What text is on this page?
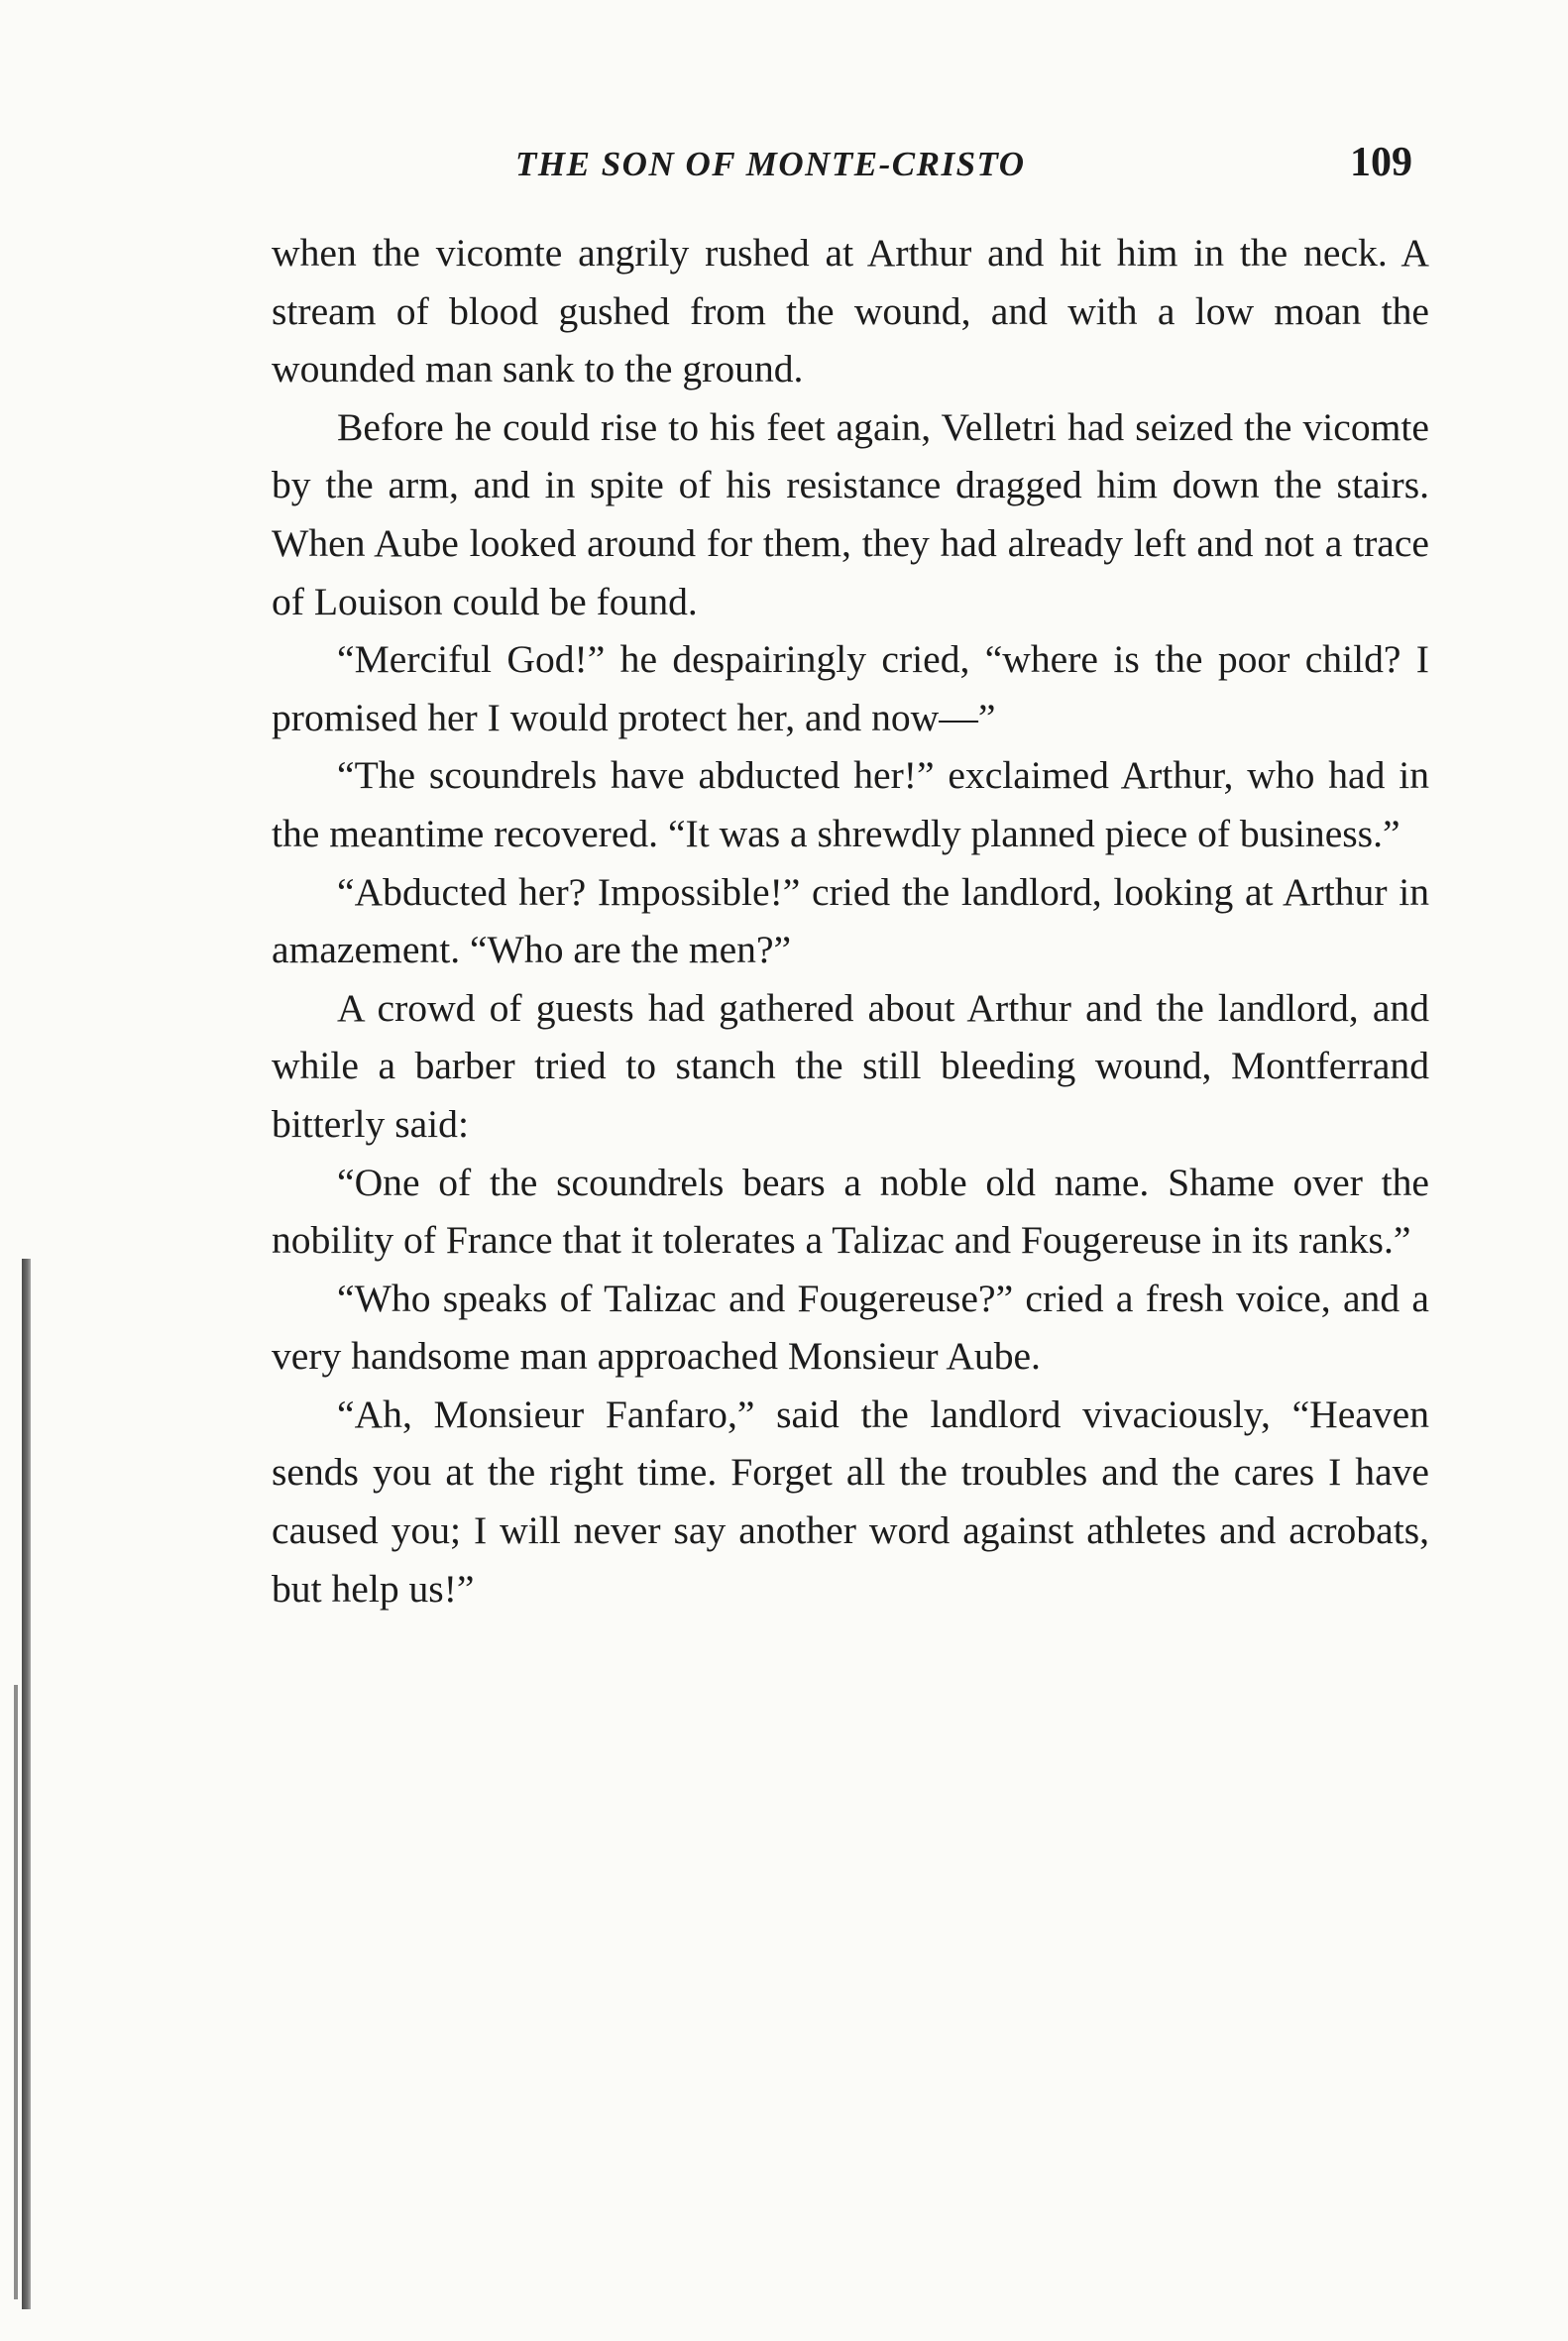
THE SON OF MONTE-CRISTO	109

when the vicomte angrily rushed at Arthur and hit him in the neck. A stream of blood gushed from the wound, and with a low moan the wounded man sank to the ground.

Before he could rise to his feet again, Velletri had seized the vicomte by the arm, and in spite of his resistance dragged him down the stairs. When Aube looked around for them, they had already left and not a trace of Louison could be found.

“Merciful God!” he despairingly cried, “where is the poor child? I promised her I would protect her, and now—”

“The scoundrels have abducted her!” exclaimed Arthur, who had in the meantime recovered. “It was a shrewdly planned piece of business.”

“Abducted her? Impossible!” cried the landlord, looking at Arthur in amazement. “Who are the men?”

A crowd of guests had gathered about Arthur and the landlord, and while a barber tried to stanch the still bleeding wound, Montferrand bitterly said:

“One of the scoundrels bears a noble old name. Shame over the nobility of France that it tolerates a Talizac and Fougereuse in its ranks.”

“Who speaks of Talizac and Fougereuse?” cried a fresh voice, and a very handsome man approached Monsieur Aube.

“Ah, Monsieur Fanfaro,” said the landlord vivaciously, “Heaven sends you at the right time. Forget all the troubles and the cares I have caused you; I will never say another word against athletes and acrobats, but help us!”
